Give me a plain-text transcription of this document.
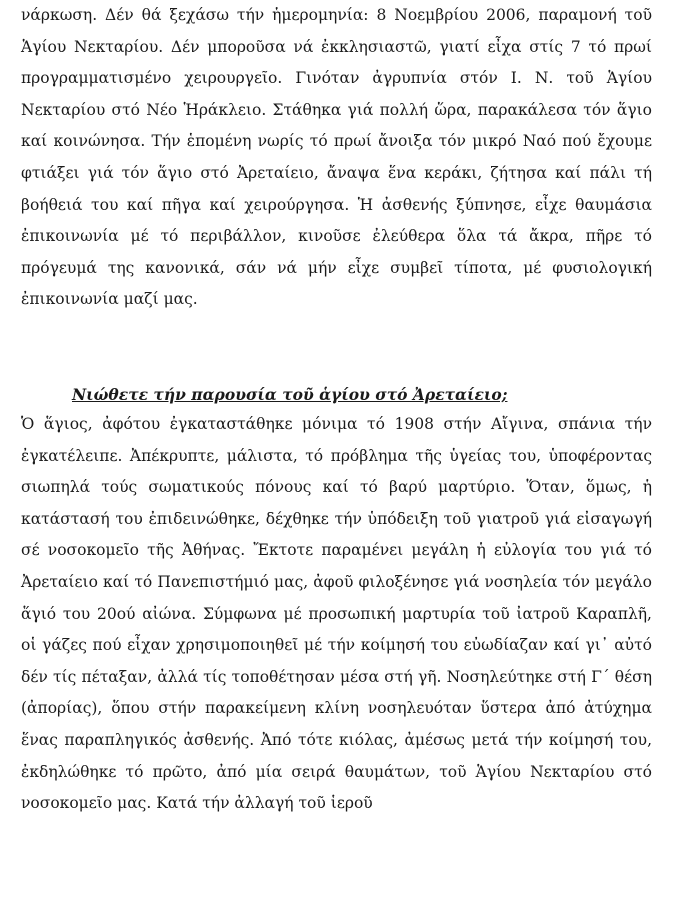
νάρκωση. Δέν θά ξεχάσω τήν ἡμερομηνία: 8 Νοεμβρίου 2006, παραμονή τοῦ Ἁγίου Νεκταρίου. Δέν μποροῦσα νά ἐκκλησιαστῶ, γιατί εἶχα στίς 7 τό πρωί προγραμματισμένο χειρουργεῖο. Γινόταν ἀγρυπνία στόν Ι. Ν. τοῦ Ἁγίου Νεκταρίου στό Νέο Ἡράκλειο. Στάθηκα γιά πολλή ὥρα, παρακάλεσα τόν ἅγιο καί κοινώνησα. Τήν ἑπομένη νωρίς τό πρωί ἄνοιξα τόν μικρό Ναό πού ἔχουμε φτιάξει γιά τόν ἅγιο στό Ἀρεταίειο, ἄναψα ἕνα κεράκι, ζήτησα καί πάλι τή βοήθειά του καί πῆγα καί χειρούργησα. Ἡ ἀσθενής ξύπνησε, εἶχε θαυμάσια ἐπικοινωνία μέ τό περιβάλλον, κινοῦσε ἐλεύθερα ὅλα τά ἄκρα, πῆρε τό πρόγευμά της κανονικά, σάν νά μήν εἶχε συμβεῖ τίποτα, μέ φυσιολογική ἐπικοινωνία μαζί μας.

Νιώθετε τήν παρουσία τοῦ ἁγίου στό Ἀρεταίειο;

Ὁ ἅγιος, ἀφότου ἐγκαταστάθηκε μόνιμα τό 1908 στήν Αἴγινα, σπάνια τήν ἐγκατέλειπε. Ἀπέκρυπτε, μάλιστα, τό πρόβλημα τῆς ὑγείας του, ὑποφέροντας σιωπηλά τούς σωματικούς πόνους καί τό βαρύ μαρτύριο. Ὅταν, ὅμως, ἡ κατάστασή του ἐπιδεινώθηκε, δέχθηκε τήν ὑπόδειξη τοῦ γιατροῦ γιά εἰσαγωγή σέ νοσοκομεῖο τῆς Ἀθήνας. Ἔκτοτε παραμένει μεγάλη ἡ εὐλογία του γιά τό Ἀρεταίειο καί τό Πανεπιστήμιό μας, ἀφοῦ φιλοξένησε γιά νοσηλεία τόν μεγάλο ἅγιό του 20ού αἰώνα. Σύμφωνα μέ προσωπική μαρτυρία τοῦ ἰατροῦ Καραπλῆ, οἱ γάζες πού εἶχαν χρησιμοποιηθεῖ μέ τήν κοίμησή του εὐωδίαζαν καί γι᾽ αὐτό δέν τίς πέταξαν, ἀλλά τίς τοποθέτησαν μέσα στή γῆ. Νοσηλεύτηκε στή Γ΄ θέση (ἀπορίας), ὅπου στήν παρακείμενη κλίνη νοσηλευόταν ὕστερα ἀπό ἀτύχημα ἕνας παραπληγικός ἀσθενής. Ἀπό τότε κιόλας, ἀμέσως μετά τήν κοίμησή του, ἐκδηλώθηκε τό πρῶτο, ἀπό μία σειρά θαυμάτων, τοῦ Ἁγίου Νεκταρίου στό νοσοκομεῖο μας. Κατά τήν ἀλλαγή τοῦ ἱεροῦ
